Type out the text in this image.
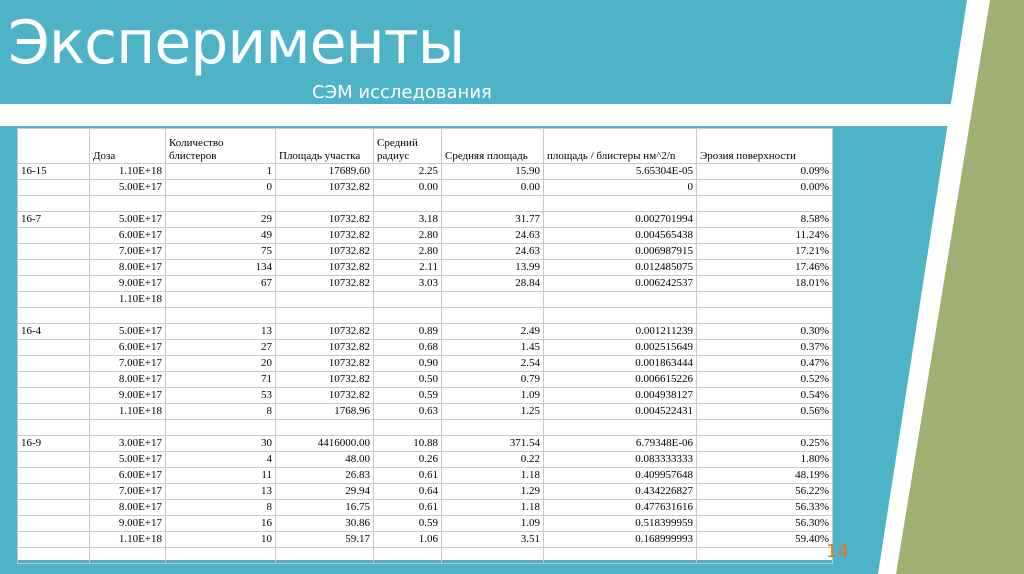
Эксперименты
СЭМ исследования
	Доза	Количество блистеров	Площадь участка	Средний радиус	Средняя площадь	площадь / блистеры нм^2/n	Эрозия поверхности
16-15	1.10E+18	1	17689.60	2.25	15.90	5.65304E-05	0.09%
	5.00E+17	0	10732.82	0.00	0.00	0	0.00%

16-7	5.00E+17	29	10732.82	3.18	31.77	0.002701994	8.58%
	6.00E+17	49	10732.82	2.80	24.63	0.004565438	11.24%
	7.00E+17	75	10732.82	2.80	24.63	0.006987915	17.21%
	8.00E+17	134	10732.82	2.11	13.99	0.012485075	17.46%
	9.00E+17	67	10732.82	3.03	28.84	0.006242537	18.01%
	1.10E+18						

16-4	5.00E+17	13	10732.82	0.89	2.49	0.001211239	0.30%
	6.00E+17	27	10732.82	0.68	1.45	0.002515649	0.37%
	7.00E+17	20	10732.82	0.90	2.54	0.001863444	0.47%
	8.00E+17	71	10732.82	0.50	0.79	0.006615226	0.52%
	9.00E+17	53	10732.82	0.59	1.09	0.004938127	0.54%
	1.10E+18	8	1768.96	0.63	1.25	0.004522431	0.56%

16-9	3.00E+17	30	4416000.00	10.88	371.54	6.79348E-06	0.25%
	5.00E+17	4	48.00	0.26	0.22	0.083333333	1.80%
	6.00E+17	11	26.83	0.61	1.18	0.409957648	48.19%
	7.00E+17	13	29.94	0.64	1.29	0.434226827	56.22%
	8.00E+17	8	16.75	0.61	1.18	0.477631616	56.33%
	9.00E+17	16	30.86	0.59	1.09	0.518399959	56.30%
	1.10E+18	10	59.17	1.06	3.51	0.168999993	59.40%

14
